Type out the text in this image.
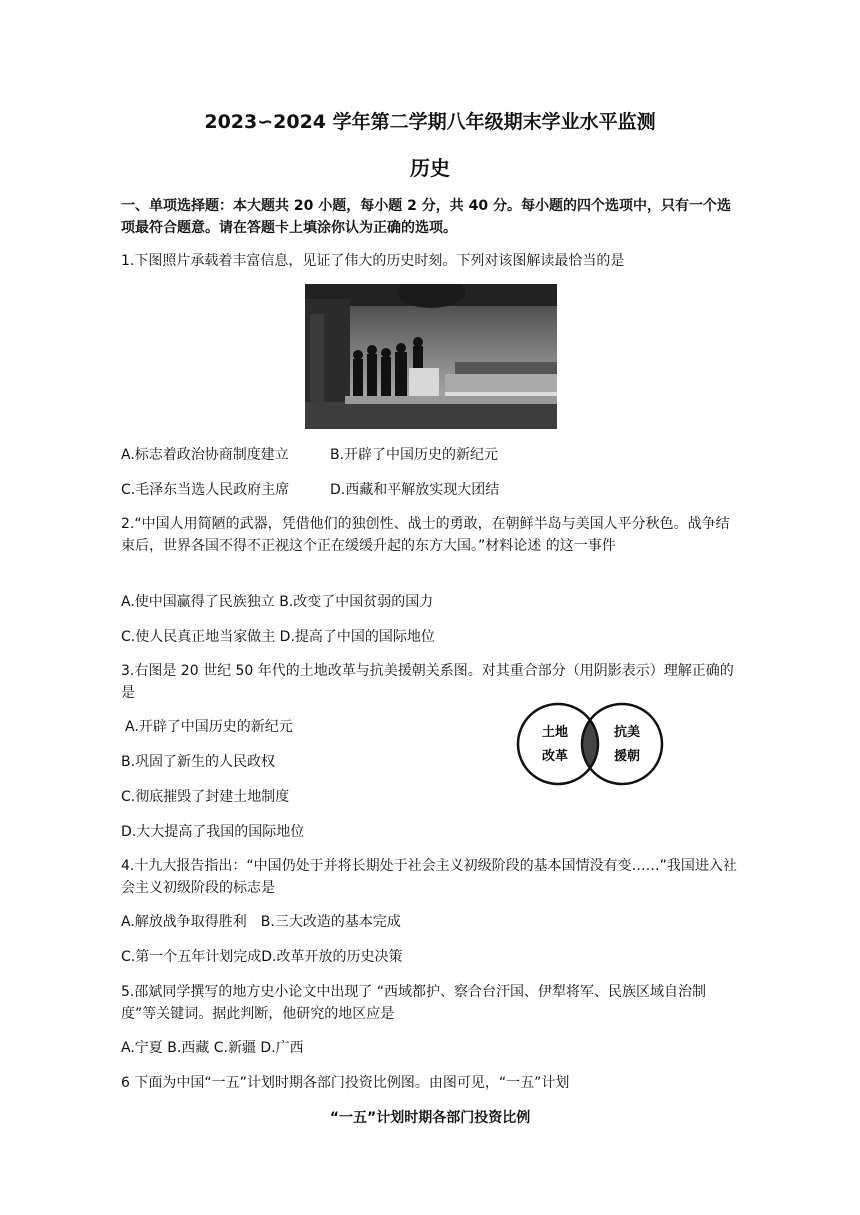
2023∽2024 学年第二学期八年级期末学业水平监测
历史
一、单项选择题：本大题共 20 小题，每小题 2 分，共 40 分。每小题的四个选项中，只有一个选项最符合题意。请在答题卡上填涂你认为正确的选项。
1.下图照片承载着丰富信息，见证了伟大的历史时刻。下列对该图解读最恰当的是
A.标志着政治协商制度建立	B.开辟了中国历史的新纪元
C.毛泽东当选人民政府主席	D.西藏和平解放实现大团结
2.“中国人用简陋的武器，凭借他们的独创性、战士的勇敢，在朝鲜半岛与美国人平分秋色。战争结束后，世界各国不得不正视这个正在缓缓升起的东方大国。”材料论述 的这一事件
A.使中国赢得了民族独立 B.改变了中国贫弱的国力
C.使人民真正地当家做主 D.提高了中国的国际地位
3.右图是 20 世纪 50 年代的土地改革与抗美援朝关系图。对其重合部分（用阴影表示）理解正确的是
A.开辟了中国历史的新纪元
B.巩固了新生的人民政权
C.彻底摧毁了封建土地制度
D.大大提高了我国的国际地位
土地
改革
抗美
援朝
4.十九大报告指出：“中国仍处于并将长期处于社会主义初级阶段的基本国情没有变……”我国进入社会主义初级阶段的标志是
A.解放战争取得胜利　B.三大改造的基本完成
C.第一个五年计划完成D.改革开放的历史决策
5.邵斌同学撰写的地方史小论文中出现了 “西域都护、察合台汗国、伊犁将军、民族区域自治制度”等关键词。据此判断，他研究的地区应是
A.宁夏 B.西藏 C.新疆 D.广西
6 下面为中国“一五”计划时期各部门投资比例图。由图可见，“一五”计划
“一五”计划时期各部门投资比例
